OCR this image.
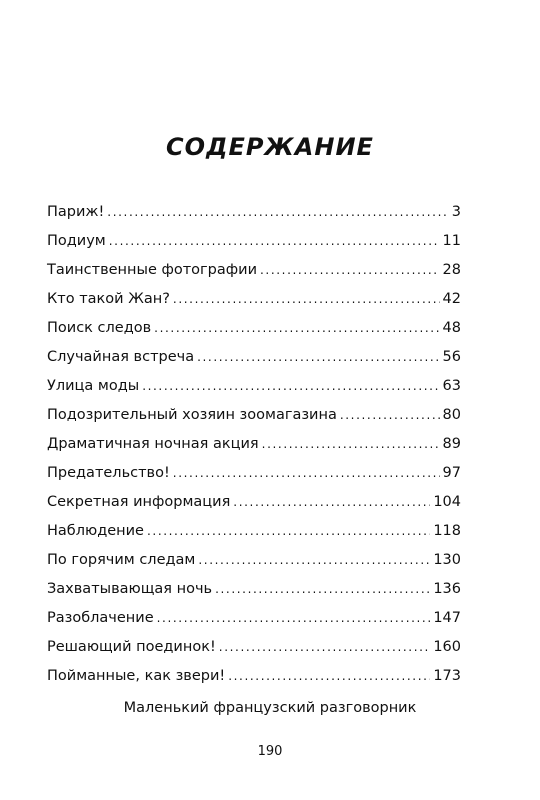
СОДЕРЖАНИЕ
Париж! .....	3
Подиум .....	11
Таинственные фотографии .....	28
Кто такой Жан? .....	42
Поиск следов .....	48
Случайная встреча .....	56
Улица моды .....	63
Подозрительный хозяин зоомагазина .....	80
Драматичная ночная акция .....	89
Предательство! .....	97
Секретная информация .....	104
Наблюдение .....	118
По горячим следам .....	130
Захватывающая ночь .....	136
Разоблачение .....	147
Решающий поединок! .....	160
Пойманные, как звери! .....	173
Маленький французский разговорник
190
